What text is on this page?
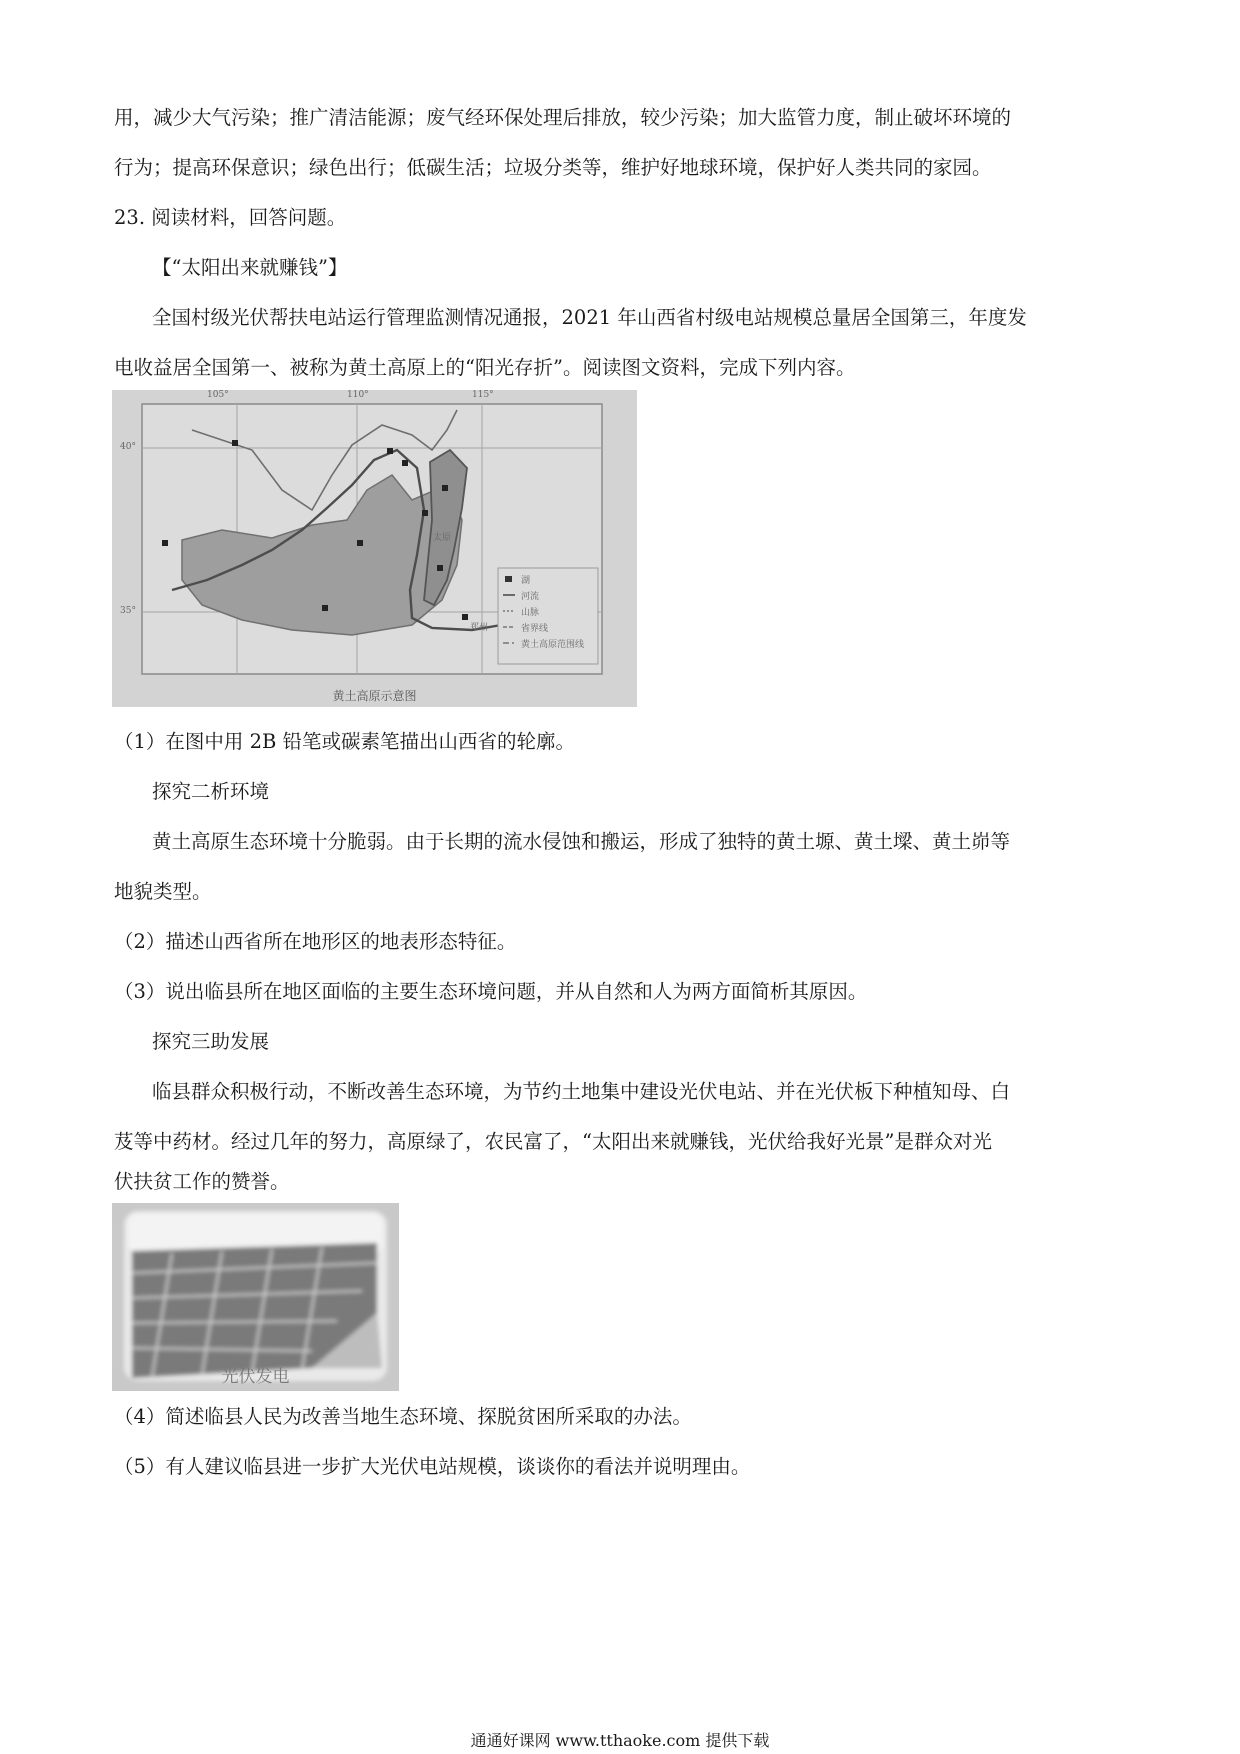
用，减少大气污染；推广清洁能源；废气经环保处理后排放，较少污染；加大监管力度，制止破坏环境的
行为；提高环保意识；绿色出行；低碳生活；垃圾分类等，维护好地球环境，保护好人类共同的家园。
23. 阅读材料，回答问题。
【“太阳出来就赚钱”】
全国村级光伏帮扶电站运行管理监测情况通报，2021 年山西省村级电站规模总量居全国第三，年度发
电收益居全国第一、被称为黄土高原上的“阳光存折”。阅读图文资料，完成下列内容。
105°	110°	115°
40°
35°
太原
郑州
湖
河流
山脉
省界线
黄土高原范围线
黄土高原示意图
（1）在图中用 2B 铅笔或碳素笔描出山西省的轮廓。
探究二析环境
黄土高原生态环境十分脆弱。由于长期的流水侵蚀和搬运，形成了独特的黄土塬、黄土墚、黄土峁等
地貌类型。
（2）描述山西省所在地形区的地表形态特征。
（3）说出临县所在地区面临的主要生态环境问题，并从自然和人为两方面简析其原因。
探究三助发展
临县群众积极行动，不断改善生态环境，为节约土地集中建设光伏电站、并在光伏板下种植知母、白
芨等中药材。经过几年的努力，高原绿了，农民富了，“太阳出来就赚钱，光伏给我好光景”是群众对光
伏扶贫工作的赞誉。
光伏发电
（4）简述临县人民为改善当地生态环境、探脱贫困所采取的办法。
（5）有人建议临县进一步扩大光伏电站规模，谈谈你的看法并说明理由。
通通好课网 www.tthaoke.com 提供下载
